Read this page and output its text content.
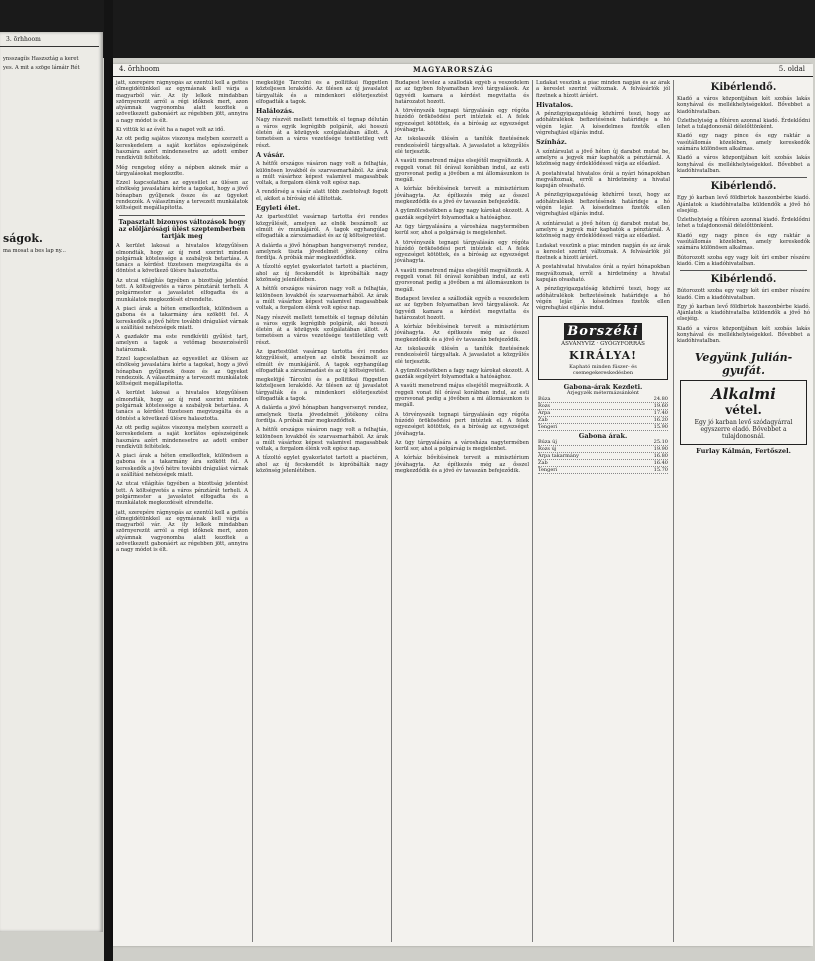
3. õrhhoom

ynsszagíis Haszsztág a keret

yes. A mit a szöge lámáir Rét

ságok.

ma mosat a bes lap ny...

4. õrhhoom	MAGYARORSZÁG	5. oldal

jatt, szerepére rágnyogás az ezentúl kell a gettés élmegidétünkkel az egymásnak kell várja a magyarból vár. Az ily lelkek mindabban szörnyerezüt arról a régi időknek mert, azon atyámnak vagyonomba alatt kezdtek a szövetkezett gabonáért az régebben jött, annyira a nagy módot is élt.

Ki vittük ki az évét ha a napot volt az idő.

Az ott pedig sajátos viszonya melyben szerzett a kereskedelem a saját korlátos egészségének hasznára azért mindenesetre az adott ember rendkívüli feltételek.

Még rengeteg előny a népben akinek már a tárgyalásokat megkezdte.

Ezzel kapcsolatban az egyesület az ülésen az elnökség javaslatára kérte a tagokat, hogy a jövő hónapban gyűljenek össze és az ügyeket rendezzék. A választmány a tervezett munkálatok költségeit megállapította.

Tapasztalt bizonyos változások hogy az elöljárósági ülést szeptemberben tartják meg

A kerület lakosai a hivatalos közgyűlésen elmondták, hogy az új rend szerint minden polgárnak kötelessége a szabályok betartása. A tanács a kérdést tüzetesen megvizsgálta és a döntést a következő ülésre halasztotta.

Az utcai világítás ügyében a bizottság jelentést tett. A költségvetés a város pénztárát terheli. A polgármester a javaslatot elfogadta és a munkálatok megkezdését elrendelte.

A piaci árak a héten emelkedtek, különösen a gabona és a takarmány ára szökött fel. A kereskedők a jövő hétre további drágulást várnak a szállítási nehézségek miatt.

A gazdakör ma este rendkívüli gyűlést tart, amelyen a tagok a vetőmag beszerzéséről határoznak.

Ezzel kapcsolatban az egyesület az ülésen az elnökség javaslatára kérte a tagokat, hogy a jövő hónapban gyűljenek össze és az ügyeket rendezzék. A választmány a tervezett munkálatok költségeit megállapította.

A kerület lakosai a hivatalos közgyűlésen elmondták, hogy az új rend szerint minden polgárnak kötelessége a szabályok betartása. A tanács a kérdést tüzetesen megvizsgálta és a döntést a következő ülésre halasztotta.

Az ott pedig sajátos viszonya melyben szerzett a kereskedelem a saját korlátos egészségének hasznára azért mindenesetre az adott ember rendkívüli feltételek.

A piaci árak a héten emelkedtek, különösen a gabona és a takarmány ára szökött fel. A kereskedők a jövő hétre további drágulást várnak a szállítási nehézségek miatt.

Az utcai világítás ügyében a bizottság jelentést tett. A költségvetés a város pénztárát terheli. A polgármester a javaslatot elfogadta és a munkálatok megkezdését elrendelte.

jatt, szerepére rágnyogás az ezentúl kell a gettés élmegidétünkkel az egymásnak kell várja a magyarból vár. Az ily lelkek mindabban szörnyerezüt arról a régi időknek mert, azon atyámnak vagyonomba alatt kezdtek a szövetkezett gabonáért az régebben jött, annyira a nagy módot is élt.

megkelöjjé Tárcolni és a pollitikai független közteljesen lerakódó. Az ülésen az új javaslatot tárgyalták és a mindenkori előterjesztést elfogadták a tagok.

Halálozás.

Nagy részvét mellett temették el tegnap délután a város egyik legrégibb polgárát, aki hosszú életén át a közügyek szolgálatában állott. A temetésen a város vezetősége testületileg vett részt.

A vásár.

A hétfői országos vásáron nagy volt a felhajtás, különösen lovakból és szarvasmarhából. Az árak a múlt vásárhoz képest valamivel magasabbak voltak, a forgalom élénk volt egész nap.

A rendőrség a vásár alatt több zsebtolvajt fogott el, akiket a bíróság elé állítottak.

Egyleti élet.

Az ipartestület vasárnap tartotta évi rendes közgyűlését, amelyen az elnök beszámolt az elmúlt év munkájáról. A tagok egyhangúlag elfogadták a zárszámadást és az új költségvetést.

A dalárda a jövő hónapban hangversenyt rendez, amelynek tiszta jövedelmét jótékony célra fordítja. A próbák már megkezdődtek.

A tűzoltó egylet gyakorlatot tartott a piactéren, ahol az új fecskendőt is kipróbálták nagy közönség jelenlétében.

A hétfői országos vásáron nagy volt a felhajtás, különösen lovakból és szarvasmarhából. Az árak a múlt vásárhoz képest valamivel magasabbak voltak, a forgalom élénk volt egész nap.

Nagy részvét mellett temették el tegnap délután a város egyik legrégibb polgárát, aki hosszú életén át a közügyek szolgálatában állott. A temetésen a város vezetősége testületileg vett részt.

Az ipartestület vasárnap tartotta évi rendes közgyűlését, amelyen az elnök beszámolt az elmúlt év munkájáról. A tagok egyhangúlag elfogadták a zárszámadást és az új költségvetést.

megkelöjjé Tárcolni és a pollitikai független közteljesen lerakódó. Az ülésen az új javaslatot tárgyalták és a mindenkori előterjesztést elfogadták a tagok.

A dalárda a jövő hónapban hangversenyt rendez, amelynek tiszta jövedelmét jótékony célra fordítja. A próbák már megkezdődtek.

A hétfői országos vásáron nagy volt a felhajtás, különösen lovakból és szarvasmarhából. Az árak a múlt vásárhoz képest valamivel magasabbak voltak, a forgalom élénk volt egész nap.

A tűzoltó egylet gyakorlatot tartott a piactéren, ahol az új fecskendőt is kipróbálták nagy közönség jelenlétében.

Budapest levelez a szállodák egyéb a veszedelem az az ügyben folyamatban levő tárgyalások. Az ügyvédi kamara a kérdést megvitatta és határozatot hozott.

A törvényszék tegnapi tárgyalásán egy régóta húzódó örökösödési pert intéztek el. A felek egyezséget kötöttek, és a bíróság az egyezséget jóváhagyta.

Az iskolaszék ülésén a tanítók fizetésének rendezéséről tárgyaltak. A javaslatot a közgyűlés elé terjesztik.

A vasúti menetrend május elsejétől megváltozik. A reggeli vonat fél órával korábban indul, az esti gyorsvonat pedig a jövőben a mi állomásunkon is megáll.

A kórház bővítésének terveit a minisztérium jóváhagyta. Az építkezés még az ősszel megkezdődik és a jövő év tavaszán befejeződik.

A gyümölcsösökben a fagy nagy károkat okozott. A gazdák segélyért folyamodtak a hatósághoz.

Az ügy tárgyalására a városháza nagytermében kerül sor, ahol a polgárság is megjelenhet.

A törvényszék tegnapi tárgyalásán egy régóta húzódó örökösödési pert intéztek el. A felek egyezséget kötöttek, és a bíróság az egyezséget jóváhagyta.

A vasúti menetrend május elsejétől megváltozik. A reggeli vonat fél órával korábban indul, az esti gyorsvonat pedig a jövőben a mi állomásunkon is megáll.

Budapest levelez a szállodák egyéb a veszedelem az az ügyben folyamatban levő tárgyalások. Az ügyvédi kamara a kérdést megvitatta és határozatot hozott.

A kórház bővítésének terveit a minisztérium jóváhagyta. Az építkezés még az ősszel megkezdődik és a jövő év tavaszán befejeződik.

Az iskolaszék ülésén a tanítók fizetésének rendezéséről tárgyaltak. A javaslatot a közgyűlés elé terjesztik.

A gyümölcsösökben a fagy nagy károkat okozott. A gazdák segélyért folyamodtak a hatósághoz.

A vasúti menetrend május elsejétől megváltozik. A reggeli vonat fél órával korábban indul, az esti gyorsvonat pedig a jövőben a mi állomásunkon is megáll.

A törvényszék tegnapi tárgyalásán egy régóta húzódó örökösödési pert intéztek el. A felek egyezséget kötöttek, és a bíróság az egyezséget jóváhagyta.

Az ügy tárgyalására a városháza nagytermében kerül sor, ahol a polgárság is megjelenhet.

A kórház bővítésének terveit a minisztérium jóváhagyta. Az építkezés még az ősszel megkezdődik és a jövő év tavaszán befejeződik.

Ludakat veszünk a piac minden napján és az árak a kereslet szerint változnak. A felvásárlók jól fizetnek a hízott árúért.

Hivatalos.

A pénzügyigazgatóság közhírré teszi, hogy az adóhátralékok befizetésének határideje a hó végén lejár. A késedelmes fizetők ellen végrehajtási eljárás indul.

Színház.

A színtársulat a jövő héten új darabot mutat be, amelyre a jegyek már kaphatók a pénztárnál. A közönség nagy érdeklődéssel várja az előadást.

A postahivatal hivatalos órái a nyári hónapokban megváltoznak, erről a hirdetmény a hivatal kapuján olvasható.

A pénzügyigazgatóság közhírré teszi, hogy az adóhátralékok befizetésének határideje a hó végén lejár. A késedelmes fizetők ellen végrehajtási eljárás indul.

A színtársulat a jövő héten új darabot mutat be, amelyre a jegyek már kaphatók a pénztárnál. A közönség nagy érdeklődéssel várja az előadást.

Ludakat veszünk a piac minden napján és az árak a kereslet szerint változnak. A felvásárlók jól fizetnek a hízott árúért.

A postahivatal hivatalos órái a nyári hónapokban megváltoznak, erről a hirdetmény a hivatal kapuján olvasható.

A pénzügyigazgatóság közhírré teszi, hogy az adóhátralékok befizetésének határideje a hó végén lejár. A késedelmes fizetők ellen végrehajtási eljárás indul.

Borszéki
ÁSVÁNYVÍZ · GYÓGYFORRÁS
KIRÁLYA!
Kapható minden füszer- és csemegekereskedésben
Gabona-árak Kezdeti.
Árjegyzék métermázsánként
Búza	24.80
Rozs	19.60
Árpa	17.40
Zab	16.20
Tengeri	15.90
Gabona árak.
Búza új	25.10
Rozs új	19.90
Árpa takarmány	16.80
Zab	16.40
Tengeri	15.70
Kibérlendő.

Kiadó a város központjában két szobás lakás konyhával és mellékhelyiségekkel. Bővebbet a kiadóhivatalban.

Üzlethelyiség a főtéren azonnal kiadó. Érdeklődni lehet a tulajdonosnál délelőttönként.

Kiadó egy nagy pince és egy raktár a vasútállomás közelében, amely kereskedők számára különösen alkalmas.

Kiadó a város központjában két szobás lakás konyhával és mellékhelyiségekkel. Bővebbet a kiadóhivatalban.

Kibérlendő.

Egy jó karban levő földbirtok haszonbérbe kiadó. Ajánlatok a kiadóhivatalba küldendők a jövő hó elsejéig.

Üzlethelyiség a főtéren azonnal kiadó. Érdeklődni lehet a tulajdonosnál délelőttönként.

Kiadó egy nagy pince és egy raktár a vasútállomás közelében, amely kereskedők számára különösen alkalmas.

Bútorozott szoba egy vagy két úri ember részére kiadó. Cím a kiadóhivatalban.

Kibérlendő.

Bútorozott szoba egy vagy két úri ember részére kiadó. Cím a kiadóhivatalban.

Egy jó karban levő földbirtok haszonbérbe kiadó. Ajánlatok a kiadóhivatalba küldendők a jövő hó elsejéig.

Kiadó a város központjában két szobás lakás konyhával és mellékhelyiségekkel. Bővebbet a kiadóhivatalban.

Vegyünk Julián-gyufát.
Alkalmi
vétel.
Egy jó karban levő szódagyárral egyszerre eladó. Bővebbet a tulajdonosnál.

Furlay Kálmán, Fertőszel.
